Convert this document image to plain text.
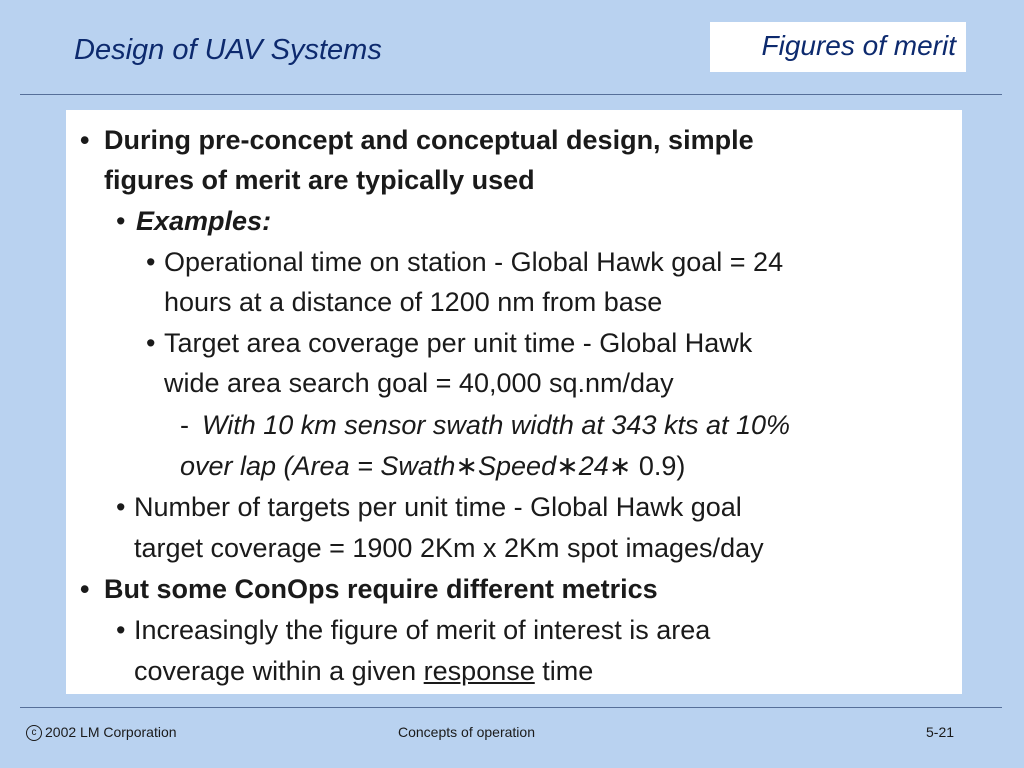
Design of UAV Systems	Figures of merit
• During pre-concept and conceptual design, simple
figures of merit are typically used
• Examples:
• Operational time on station - Global Hawk goal = 24
hours at a distance of 1200 nm from base
• Target area coverage per unit time - Global Hawk
wide area search goal = 40,000 sq.nm/day
- With 10 km sensor swath width at 343 kts at 10%
over lap (Area = Swath∗Speed∗24∗ 0.9)
• Number of targets per unit time - Global Hawk goal
target coverage = 1900 2Km x 2Km spot images/day
• But some ConOps require different metrics
• Increasingly the figure of merit of interest is area
coverage within a given response time
c 2002 LM Corporation	Concepts of operation	5-21
